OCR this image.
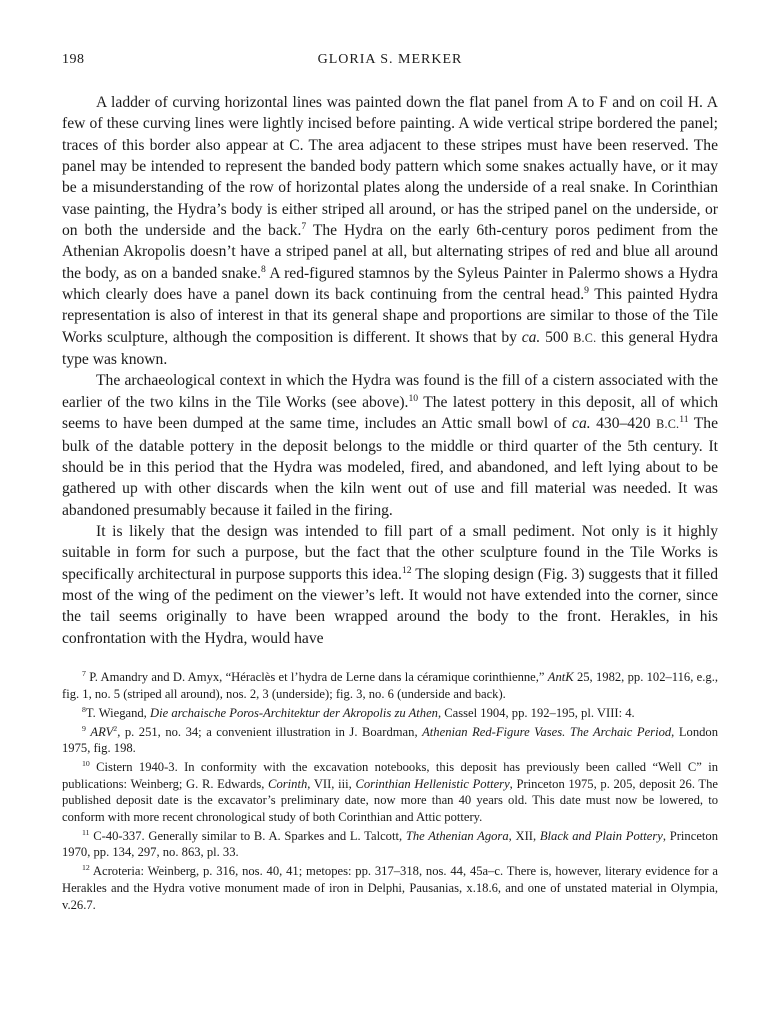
198	GLORIA S. MERKER

A ladder of curving horizontal lines was painted down the flat panel from A to F and on coil H. A few of these curving lines were lightly incised before painting. A wide vertical stripe bordered the panel; traces of this border also appear at C. The area adjacent to these stripes must have been reserved. The panel may be intended to represent the banded body pattern which some snakes actually have, or it may be a misunderstanding of the row of horizontal plates along the underside of a real snake. In Corinthian vase painting, the Hydra’s body is either striped all around, or has the striped panel on the underside, or on both the underside and the back.$^7$ The Hydra on the early 6th-century poros pediment from the Athenian Akropolis doesn’t have a striped panel at all, but alternating stripes of red and blue all around the body, as on a banded snake.$^8$ A red-figured stamnos by the Syleus Painter in Palermo shows a Hydra which clearly does have a panel down its back continuing from the central head.$^9$ This painted Hydra representation is also of interest in that its general shape and proportions are similar to those of the Tile Works sculpture, although the composition is different. It shows that by ca. 500 B.C. this general Hydra type was known.

The archaeological context in which the Hydra was found is the fill of a cistern associated with the earlier of the two kilns in the Tile Works (see above).$^{10}$ The latest pottery in this deposit, all of which seems to have been dumped at the same time, includes an Attic small bowl of ca. 430–420 B.C.$^{11}$ The bulk of the datable pottery in the deposit belongs to the middle or third quarter of the 5th century. It should be in this period that the Hydra was modeled, fired, and abandoned, and left lying about to be gathered up with other discards when the kiln went out of use and fill material was needed. It was abandoned presumably because it failed in the firing.

It is likely that the design was intended to fill part of a small pediment. Not only is it highly suitable in form for such a purpose, but the fact that the other sculpture found in the Tile Works is specifically architectural in purpose supports this idea.$^{12}$ The sloping design (Fig. 3) suggests that it filled most of the wing of the pediment on the viewer’s left. It would not have extended into the corner, since the tail seems originally to have been wrapped around the body to the front. Herakles, in his confrontation with the Hydra, would have

$^7$ P. Amandry and D. Amyx, “Héraclès et l’hydra de Lerne dans la céramique corinthienne,” AntK 25, 1982, pp. 102–116, e.g., fig. 1, no. 5 (striped all around), nos. 2, 3 (underside); fig. 3, no. 6 (underside and back).

$^8$T. Wiegand, Die archaische Poros-Architektur der Akropolis zu Athen, Cassel 1904, pp. 192–195, pl. VIII: 4.

$^9$ ARV$^2$, p. 251, no. 34; a convenient illustration in J. Boardman, Athenian Red-Figure Vases. The Archaic Period, London 1975, fig. 198.

$^{10}$ Cistern 1940-3. In conformity with the excavation notebooks, this deposit has previously been called “Well C” in publications: Weinberg; G. R. Edwards, Corinth, VII, iii, Corinthian Hellenistic Pottery, Princeton 1975, p. 205, deposit 26. The published deposit date is the excavator’s preliminary date, now more than 40 years old. This date must now be lowered, to conform with more recent chronological study of both Corinthian and Attic pottery.

$^{11}$ C-40-337. Generally similar to B. A. Sparkes and L. Talcott, The Athenian Agora, XII, Black and Plain Pottery, Princeton 1970, pp. 134, 297, no. 863, pl. 33.

$^{12}$ Acroteria: Weinberg, p. 316, nos. 40, 41; metopes: pp. 317–318, nos. 44, 45a–c. There is, however, literary evidence for a Herakles and the Hydra votive monument made of iron in Delphi, Pausanias, x.18.6, and one of unstated material in Olympia, v.26.7.
